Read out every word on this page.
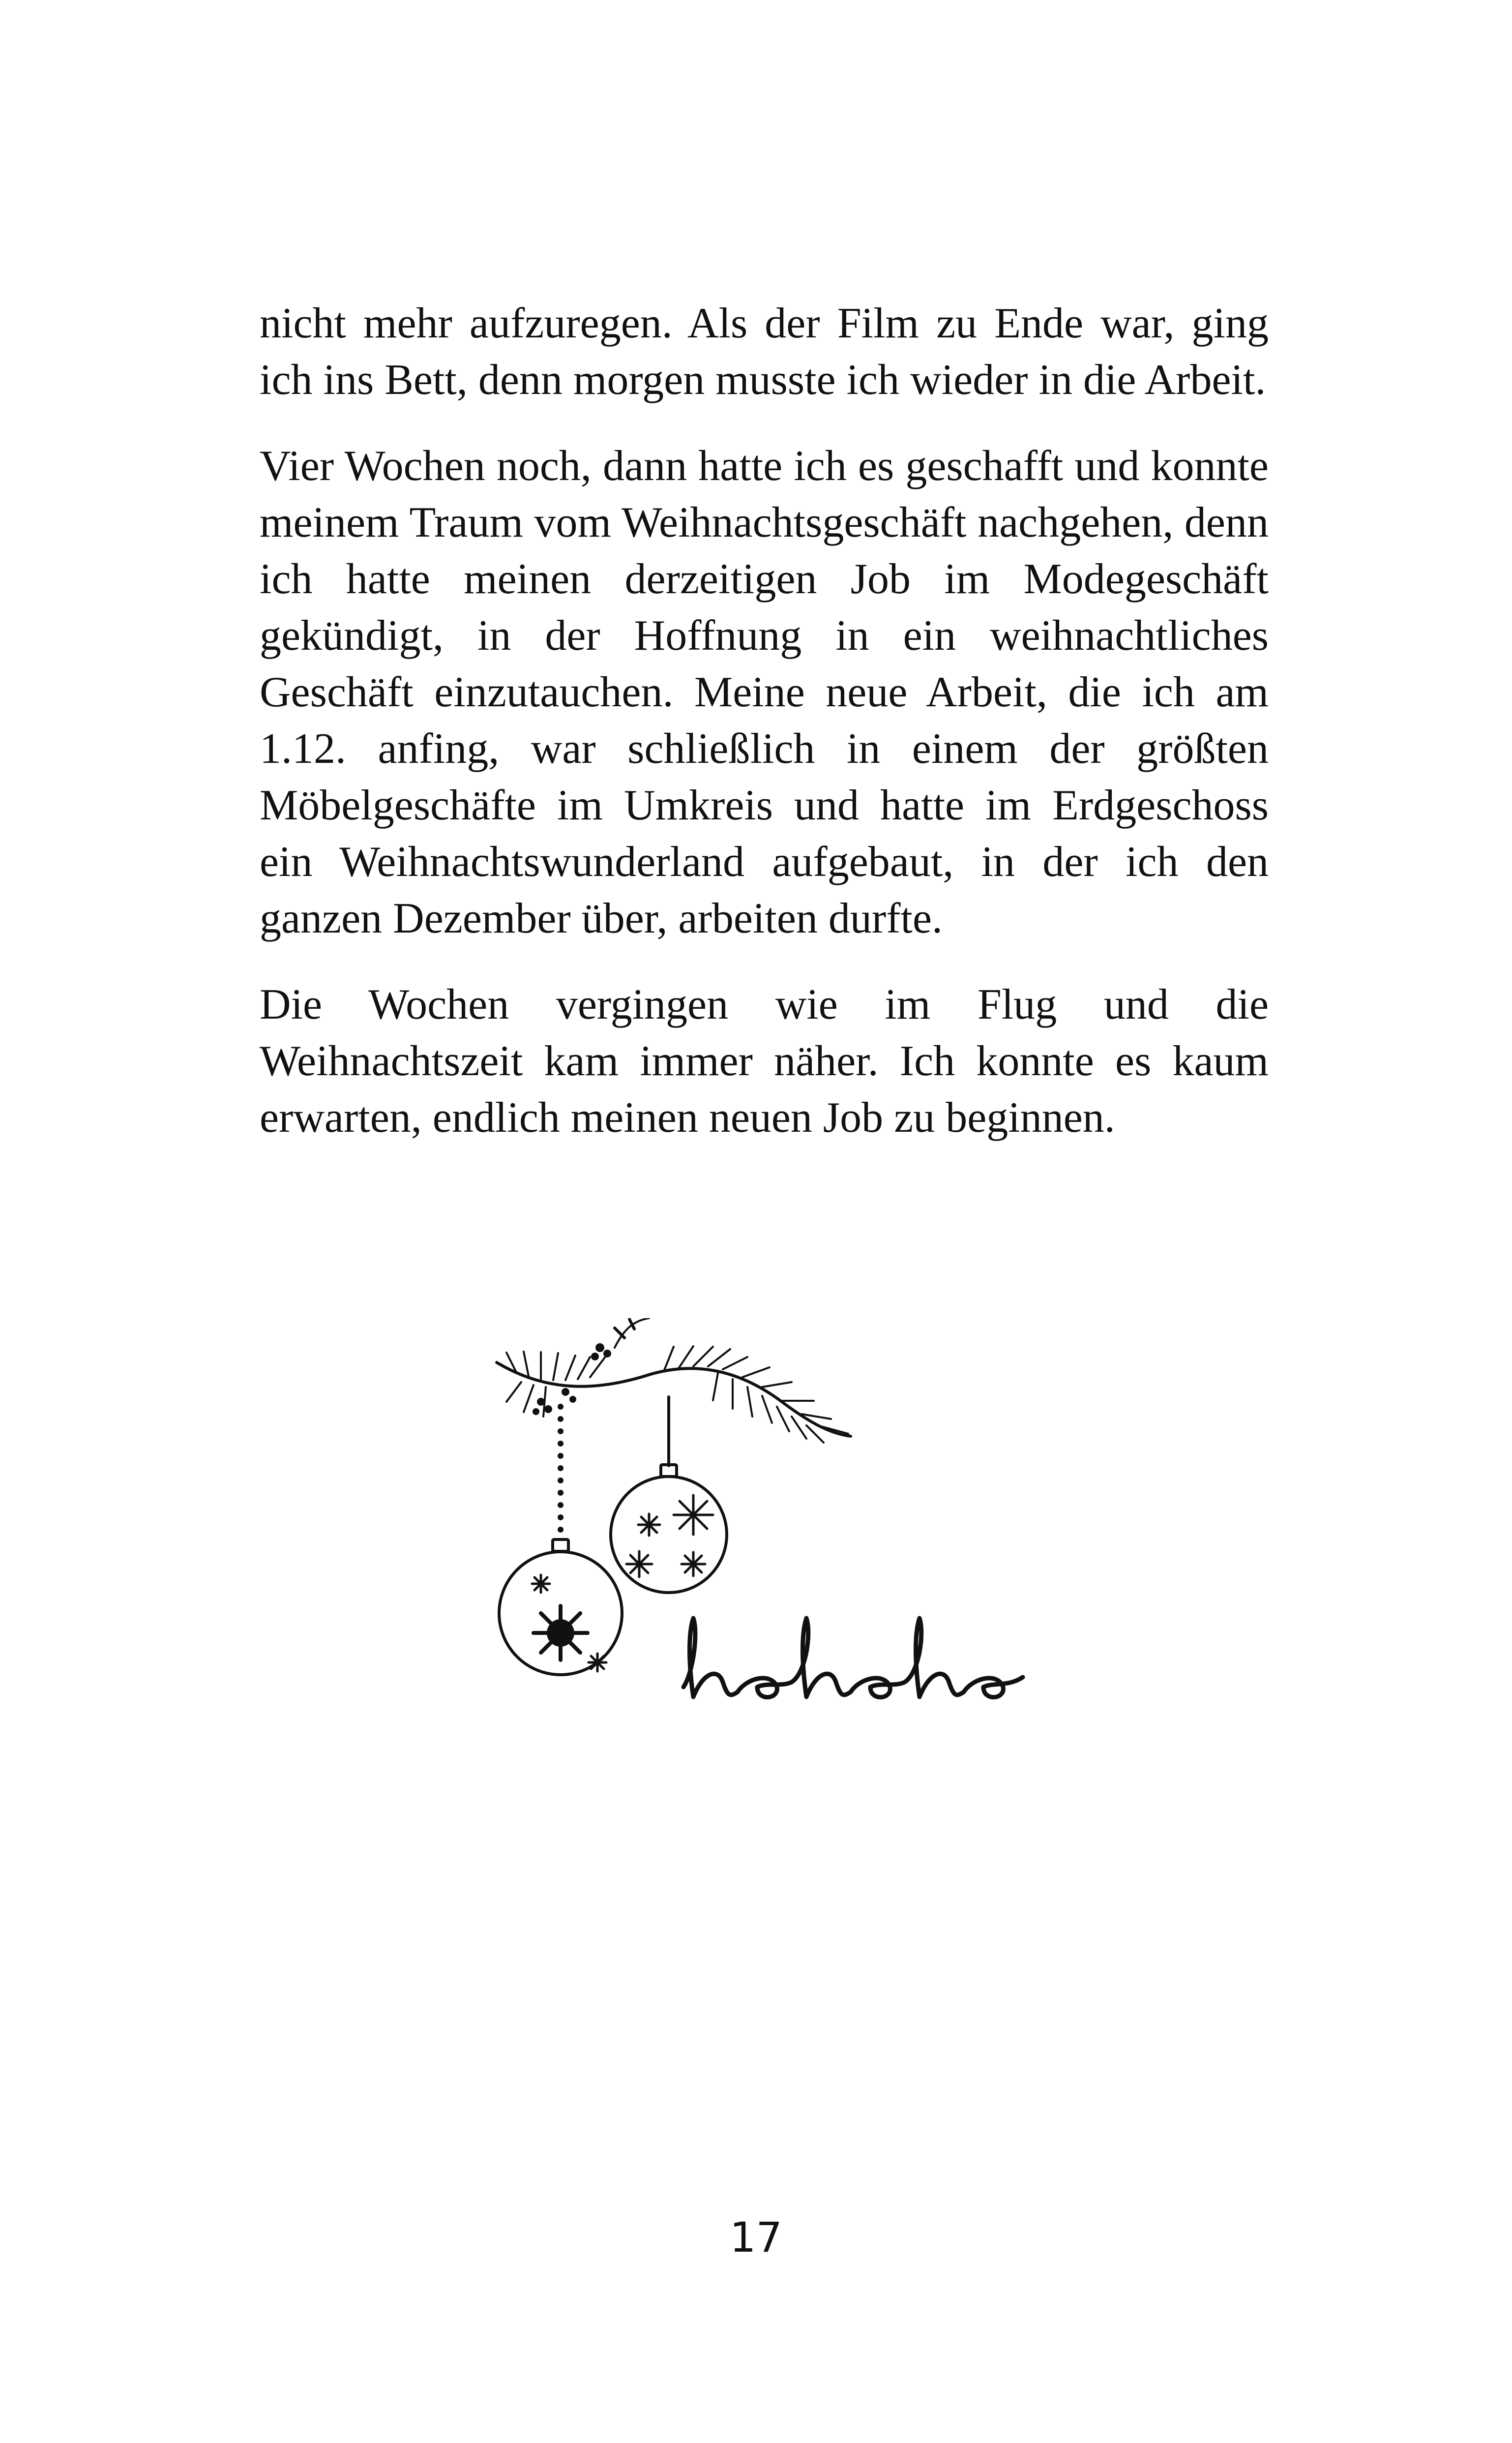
nicht mehr aufzuregen. Als der Film zu Ende war, ging ich ins Bett, denn morgen musste ich wieder in die Arbeit.

Vier Wochen noch, dann hatte ich es geschafft und konnte meinem Traum vom Weihnachtsgeschäft nachgehen, denn ich hatte meinen derzeitigen Job im Modegeschäft gekündigt, in der Hoffnung in ein weihnachtliches Geschäft einzutauchen. Meine neue Arbeit, die ich am 1.12. anfing, war schließlich in einem der größten Möbelgeschäfte im Umkreis und hatte im Erdgeschoss ein Weihnachtswunderland aufgebaut, in der ich den ganzen Dezember über, arbeiten durfte.

Die Wochen vergingen wie im Flug und die Weihnachtszeit kam immer näher. Ich konnte es kaum erwarten, endlich meinen neuen Job zu beginnen.

17
